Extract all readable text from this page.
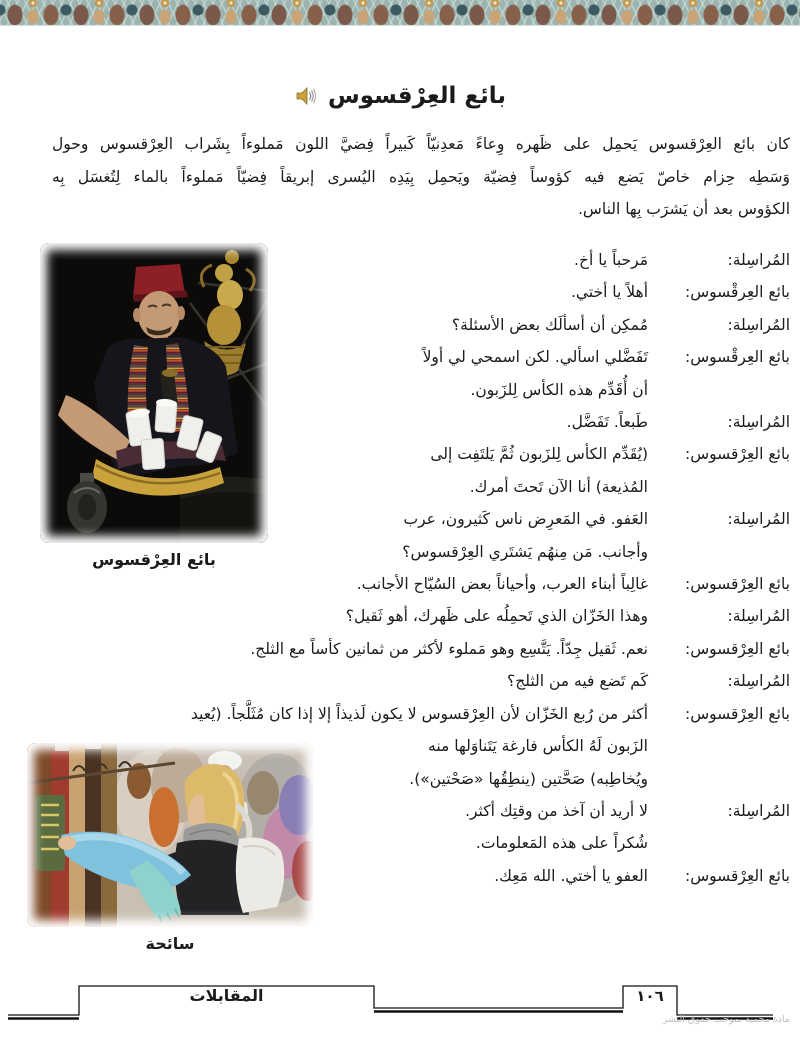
بائع العِرْقسوس
كان بائع العِرْقسوس يَحمِل على ظَهره وِعاءً مَعدِنيّاً كَبيراً فِضيَّ اللون مَملوءاً بِشَراب العِرْقسوس وحول
وَسَطِه حِزام خاصّ يَضع فيه كؤوساً فِضيّة ويَحمِل بِيَدِه اليُسرى إبريقاً فِضيّاً مَملوءاً بالماء لِتُغسَل بِه
الكؤوس بعد أن يَشرَب بِها الناس.
المُراسِلة:
مَرحباً يا أخ.
بائع العِرقْسوس:
أهلاً يا أختي.
المُراسِلة:
مُمكِن أن أسألَك بعض الأسئلة؟
بائع العِرقْسوس:
تَفَضَّلي اسألي. لكن اسمحي لي أولاً
أن أُقَدِّم هذه الكأس لِلزَبون.
المُراسِلة:
طَبعاً. تَفَضَّل.
بائع العِرْقسوس:
(يُقَدِّم الكأس لِلزَبون ثُمَّ يَلتَفِت إلى
المُذيعة) أنا الآن تَحتَ أمرك.
المُراسِلة:
العَفو. في المَعرِض ناس كَثيرون، عرب
وأجانب. مَن مِنهُم يَشتَري العِرْقسوس؟
بائع العِرْقسوس:
غالِباً أبناء العرب، وأحياناً بعض السُيّاح الأجانب.
المُراسِلة:
وهذا الخَزّان الذي تَحمِلُه على ظَهرك، أهو ثَقيل؟
بائع العِرْقسوس:
نعم. ثَقيل جِدّاً. يَتَّسِع وهو مَملوء لأكثر من ثمانين كأساً مع الثلج.
المُراسِلة:
كَم تَضع فيه من الثلج؟
بائع العِرْقسوس:
أكثر من رُبع الخَزّان لأن العِرْقسوس لا يكون لَذيذاً إلا إذا كان مُثَلَّجاً. (يُعيد
الزَبون لَهُ الكأس فارغة يَتَناوَلها منه
ويُخاطِبه) صَحَّتين (ينطِقُها «صَحْتين»).
المُراسِلة:
لا أريد أن آخذ من وقتِك أكثر.
شُكراً على هذه المَعلومات.
بائع العِرْقسوس:
العفو يا أختي. الله مَعِك.
بائع العِرْقسوس
سائحة
المقابلات	١٠٦
مادة محمية بموجب حقوق النشر
